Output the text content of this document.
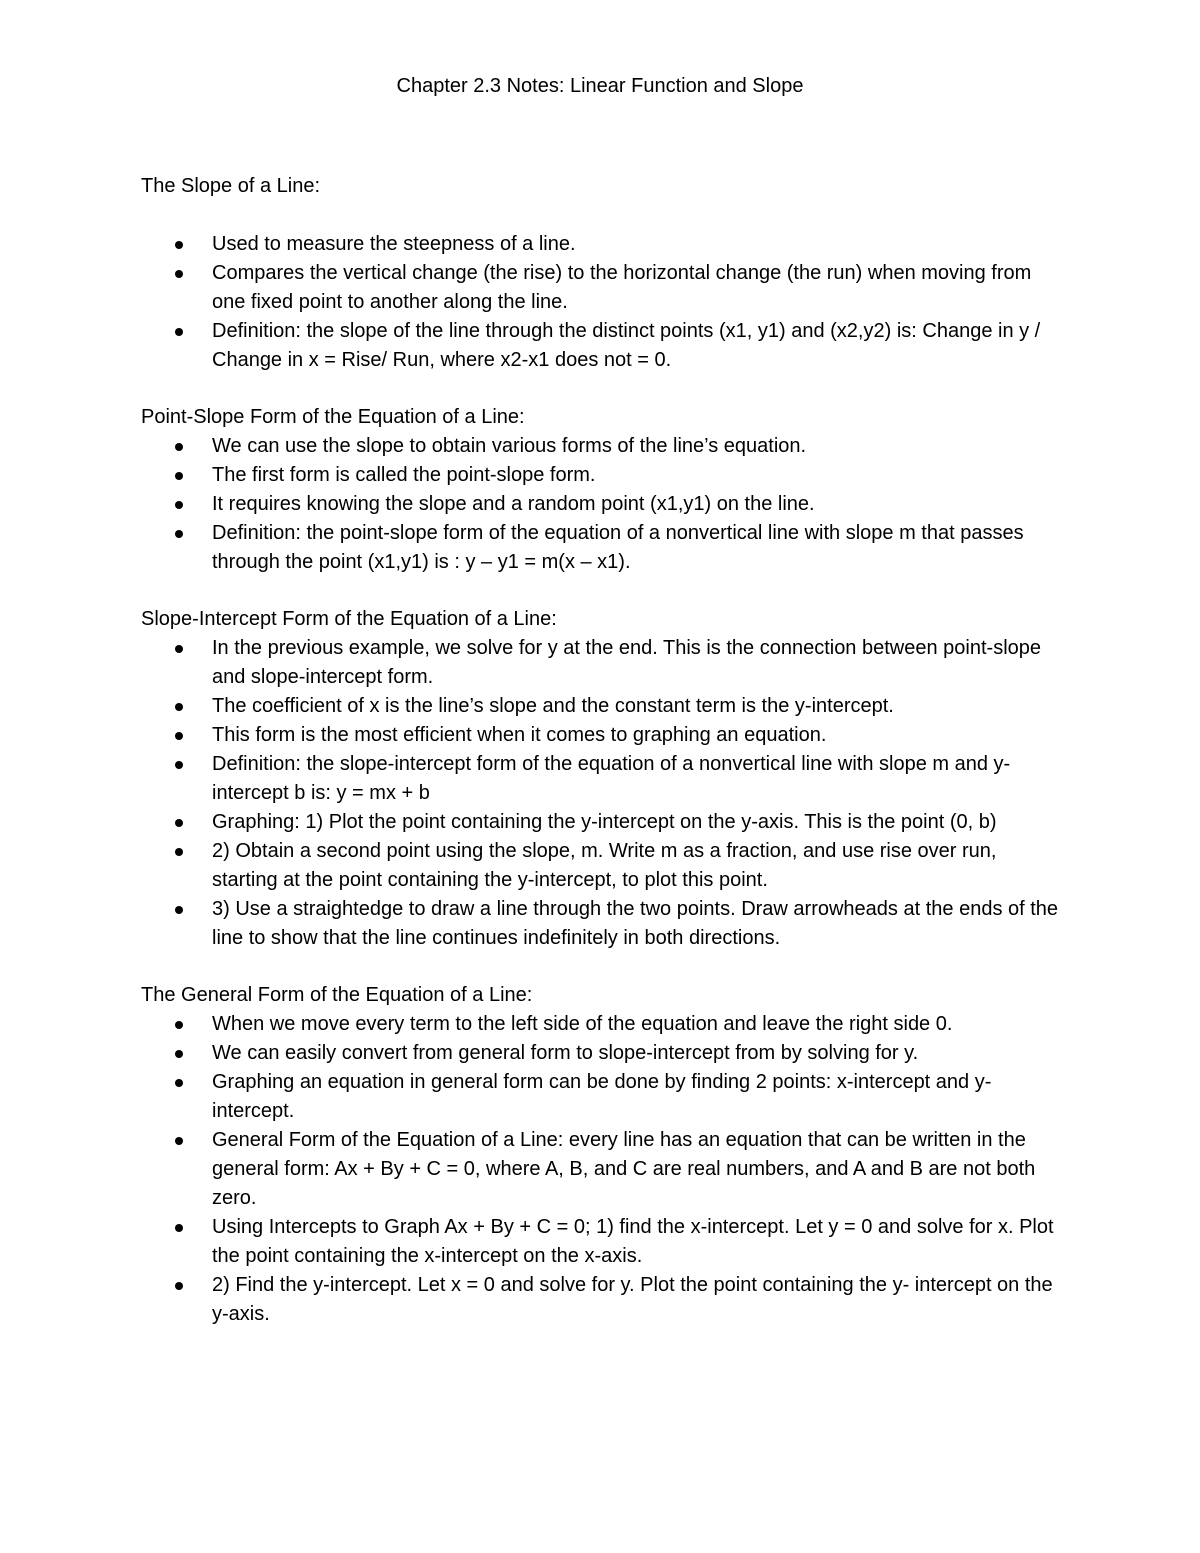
Chapter 2.3 Notes: Linear Function and Slope

The Slope of a Line:

Used to measure the steepness of a line.
Compares the vertical change (the rise) to the horizontal change (the run) when moving from one fixed point to another along the line.
Definition: the slope of the line through the distinct points (x1, y1) and (x2,y2) is: Change in y / Change in x = Rise/ Run, where x2-x1 does not = 0.

Point-Slope Form of the Equation of a Line:

We can use the slope to obtain various forms of the line’s equation.
The first form is called the point-slope form.
It requires knowing the slope and a random point (x1,y1) on the line.
Definition: the point-slope form of the equation of a nonvertical line with slope m that passes through the point (x1,y1) is : y – y1 = m(x – x1).

Slope-Intercept Form of the Equation of a Line:

In the previous example, we solve for y at the end. This is the connection between point-slope and slope-intercept form.
The coefficient of x is the line’s slope and the constant term is the y-intercept.
This form is the most efficient when it comes to graphing an equation.
Definition: the slope-intercept form of the equation of a nonvertical line with slope m and y-intercept b is: y = mx + b
Graphing: 1) Plot the point containing the y-intercept on the y-axis. This is the point (0, b)
2) Obtain a second point using the slope, m. Write m as a fraction, and use rise over run, starting at the point containing the y-intercept, to plot this point.
3) Use a straightedge to draw a line through the two points. Draw arrowheads at the ends of the line to show that the line continues indefinitely in both directions.

The General Form of the Equation of a Line:

When we move every term to the left side of the equation and leave the right side 0.
We can easily convert from general form to slope-intercept from by solving for y.
Graphing an equation in general form can be done by finding 2 points: x-intercept and y-intercept.
General Form of the Equation of a Line: every line has an equation that can be written in the general form: Ax + By + C = 0, where A, B, and C are real numbers, and A and B are not both zero.
Using Intercepts to Graph Ax + By + C = 0; 1) find the x-intercept. Let y = 0 and solve for x. Plot the point containing the x-intercept on the x-axis.
2) Find the y-intercept. Let x = 0 and solve for y. Plot the point containing the y- intercept on the y-axis.
